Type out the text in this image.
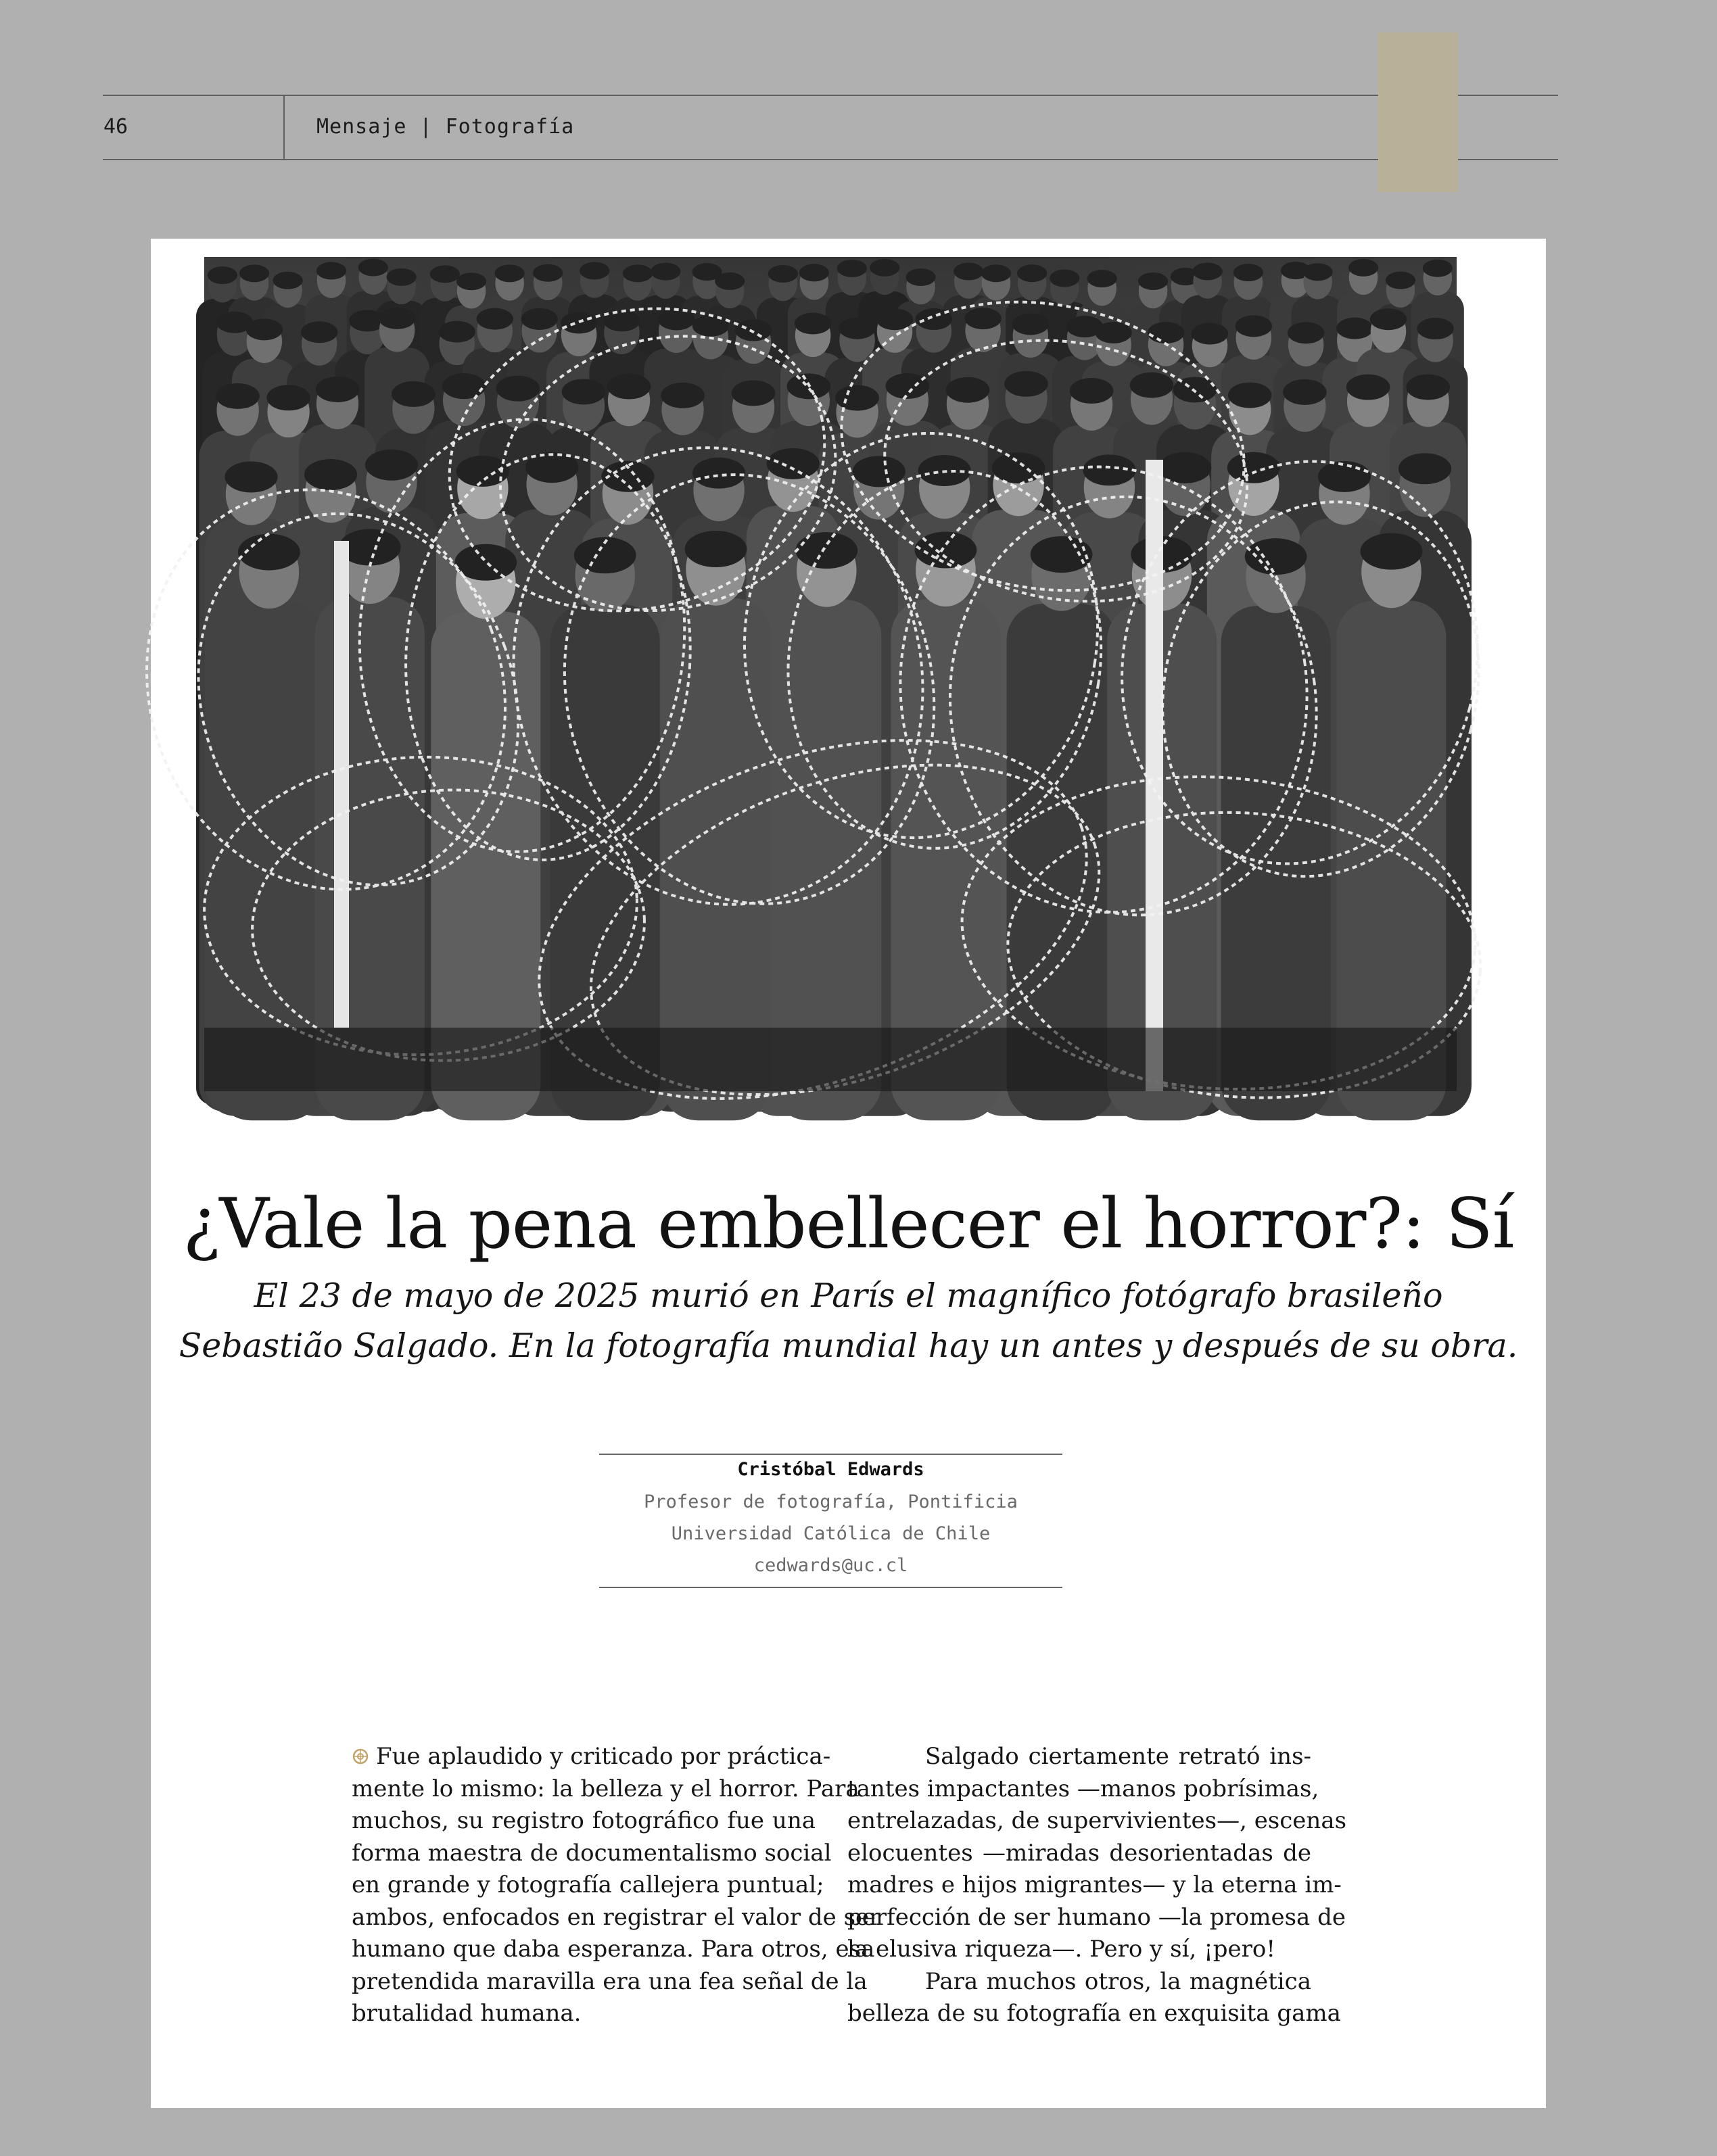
46	Mensaje | Fotografía
¿Vale la pena embellecer el horror?: Sí
El 23 de mayo de 2025 murió en París el magnífico fotógrafo brasileño
Sebastião Salgado. En la fotografía mundial hay un antes y después de su obra.
Cristóbal Edwards
Profesor de fotografía, Pontificia
Universidad Católica de Chile
cedwards@uc.cl
Fue aplaudido y criticado por práctica-
mente lo mismo: la belleza y el horror. Para
muchos, su registro fotográfico fue una
forma maestra de documentalismo social
en grande y fotografía callejera puntual;
ambos, enfocados en registrar el valor de ser
humano que daba esperanza. Para otros, esa
pretendida maravilla era una fea señal de la
brutalidad humana.
Salgado ciertamente retrató ins-
tantes impactantes —manos pobrísimas,
entrelazadas, de supervivientes—, escenas
elocuentes —miradas desorientadas de
madres e hijos migrantes— y la eterna im-
perfección de ser humano —la promesa de
la elusiva riqueza—. Pero y sí, ¡pero!
Para muchos otros, la magnética
belleza de su fotografía en exquisita gama
